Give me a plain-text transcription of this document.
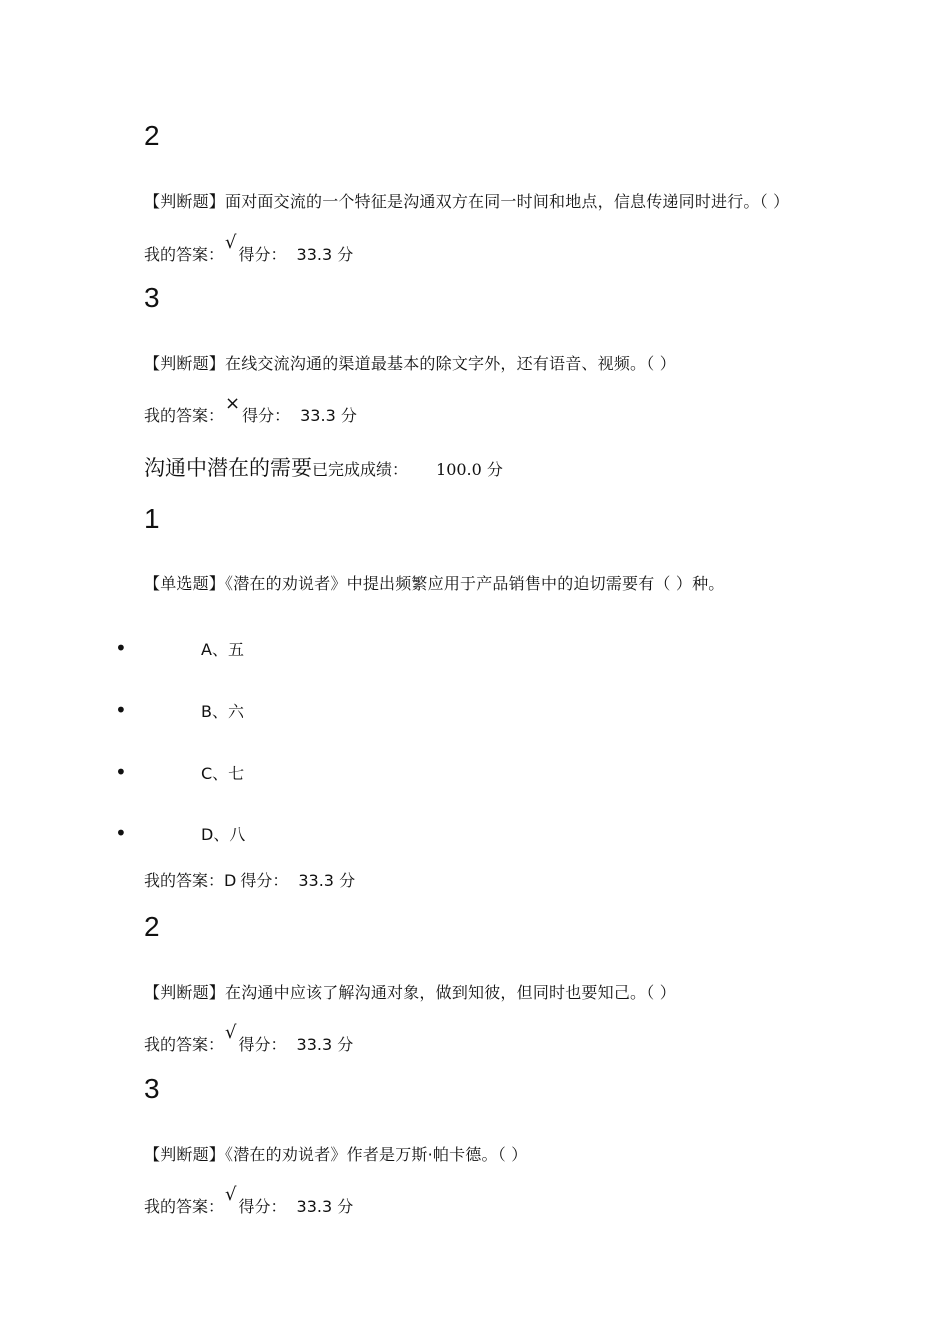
2
【判断题】面对面交流的一个特征是沟通双方在同一时间和地点，信息传递同时进行。（ ）
我的答案：√得分： 33.3 分
3
【判断题】在线交流沟通的渠道最基本的除文字外，还有语音、视频。（ ）
我的答案：×得分： 33.3 分
沟通中潜在的需要已完成成绩： 100.0 分
1
【单选题】《潜在的劝说者》中提出频繁应用于产品销售中的迫切需要有（ ）种。
•	A、五
•	B、六
•	C、七
•	D、八
我的答案：D 得分： 33.3 分
2
【判断题】在沟通中应该了解沟通对象，做到知彼，但同时也要知己。（ ）
我的答案：√得分： 33.3 分
3
【判断题】《潜在的劝说者》作者是万斯·帕卡德。（ ）
我的答案：√得分： 33.3 分
